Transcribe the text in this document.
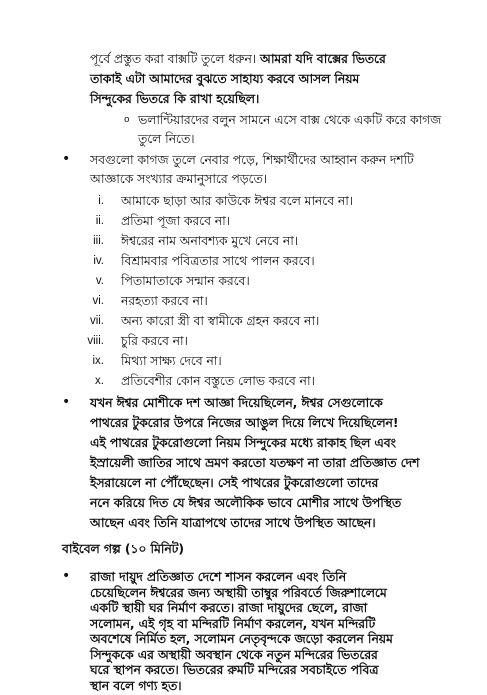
পূর্বে প্রস্তুত করা বাক্সটি তুলে ধরুন। আমরা যদি বাক্সের ভিতরে
তাকাই এটা আমাদের বুঝতে সাহায্য করবে আসল নিয়ম
সিন্দুকের ভিতরে কি রাখা হয়েছিল।
o ভলান্টিয়ারদের বলুন সামনে এসে বাক্স থেকে একটি করে কাগজ
তুলে নিতে।
• সবগুলো কাগজ তুলে নেবার পড়ে, শিক্ষার্থীদের আহ্বান করুন দশটি
আজ্ঞাকে সংখ্যার ক্রমানুসারে পড়তে।
i. আমাকে ছাড়া আর কাউকে ঈশ্বর বলে মানবে না।
ii. প্রতিমা পূজা করবে না।
iii. ঈশ্বরের নাম অনাবশ্যক মুখে নেবে না।
iv. বিশ্রামবার পবিত্রতার সাথে পালন করবে।
v. পিতামাতাকে সন্মান করবে।
vi. নরহত্যা করবে না।
vii. অন্য কারো স্ত্রী বা স্বামীকে গ্রহন করবে না।
viii. চুরি করবে না।
ix. মিথ্যা সাক্ষ্য দেবে না।
x. প্রতিবেশীর কোন বস্তুতে লোভ করবে না।
• যখন ঈশ্বর মোশীকে দশ আজ্ঞা দিয়েছিলেন, ঈশ্বর সেগুলোকে
পাথরের টুকরোর উপরে নিজের আঙুল দিয়ে লিখে দিয়েছিলেন!
এই পাথরের টুকরোগুলো নিয়ম সিন্দুকের মধ্যে রাকাহ ছিল এবং
ইস্রায়েলী জাতির সাথে ভ্রমণ করতো যতক্ষণ না তারা প্রতিজ্ঞাত দেশ
ইসরায়েলে না পৌঁছেছেন। সেই পাথরের টুকরোগুলো তাদের
ননে করিয়ে দিত যে ঈশ্বর অলৌকিক ভাবে মোশীর সাথে উপস্থিত
আছেন এবং তিনি যাত্রাপথে তাদের সাথে উপস্থিত আছেন।
বাইবেল গল্প (১০ মিনিট)
• রাজা দায়ুদ প্রতিজ্ঞাত দেশে শাসন করলেন এবং তিনি
চেয়েছিলেন ঈশ্বরের জন্য অস্থায়ী তাম্বুর পরিবর্তে জিরুশালেমে
একটি স্থায়ী ঘর নির্মাণ করতে। রাজা দায়ুদের ছেলে, রাজা
সলোমন, এই গৃহ বা মন্দিরটি নির্মাণ করলেন, যখন মন্দিরটি
অবশেষে নির্মিত হল, সলোমন নেতৃবৃন্দকে জড়ো করলেন নিয়ম
সিন্দুককে এর অস্থায়ী অবস্থান থেকে নতুন মন্দিরের ভিতরের
ঘরে স্থাপন করতে। ভিতরের রুমটি মন্দিরের সবচাইতে পবিত্র
স্থান বলে গণ্য হত।
